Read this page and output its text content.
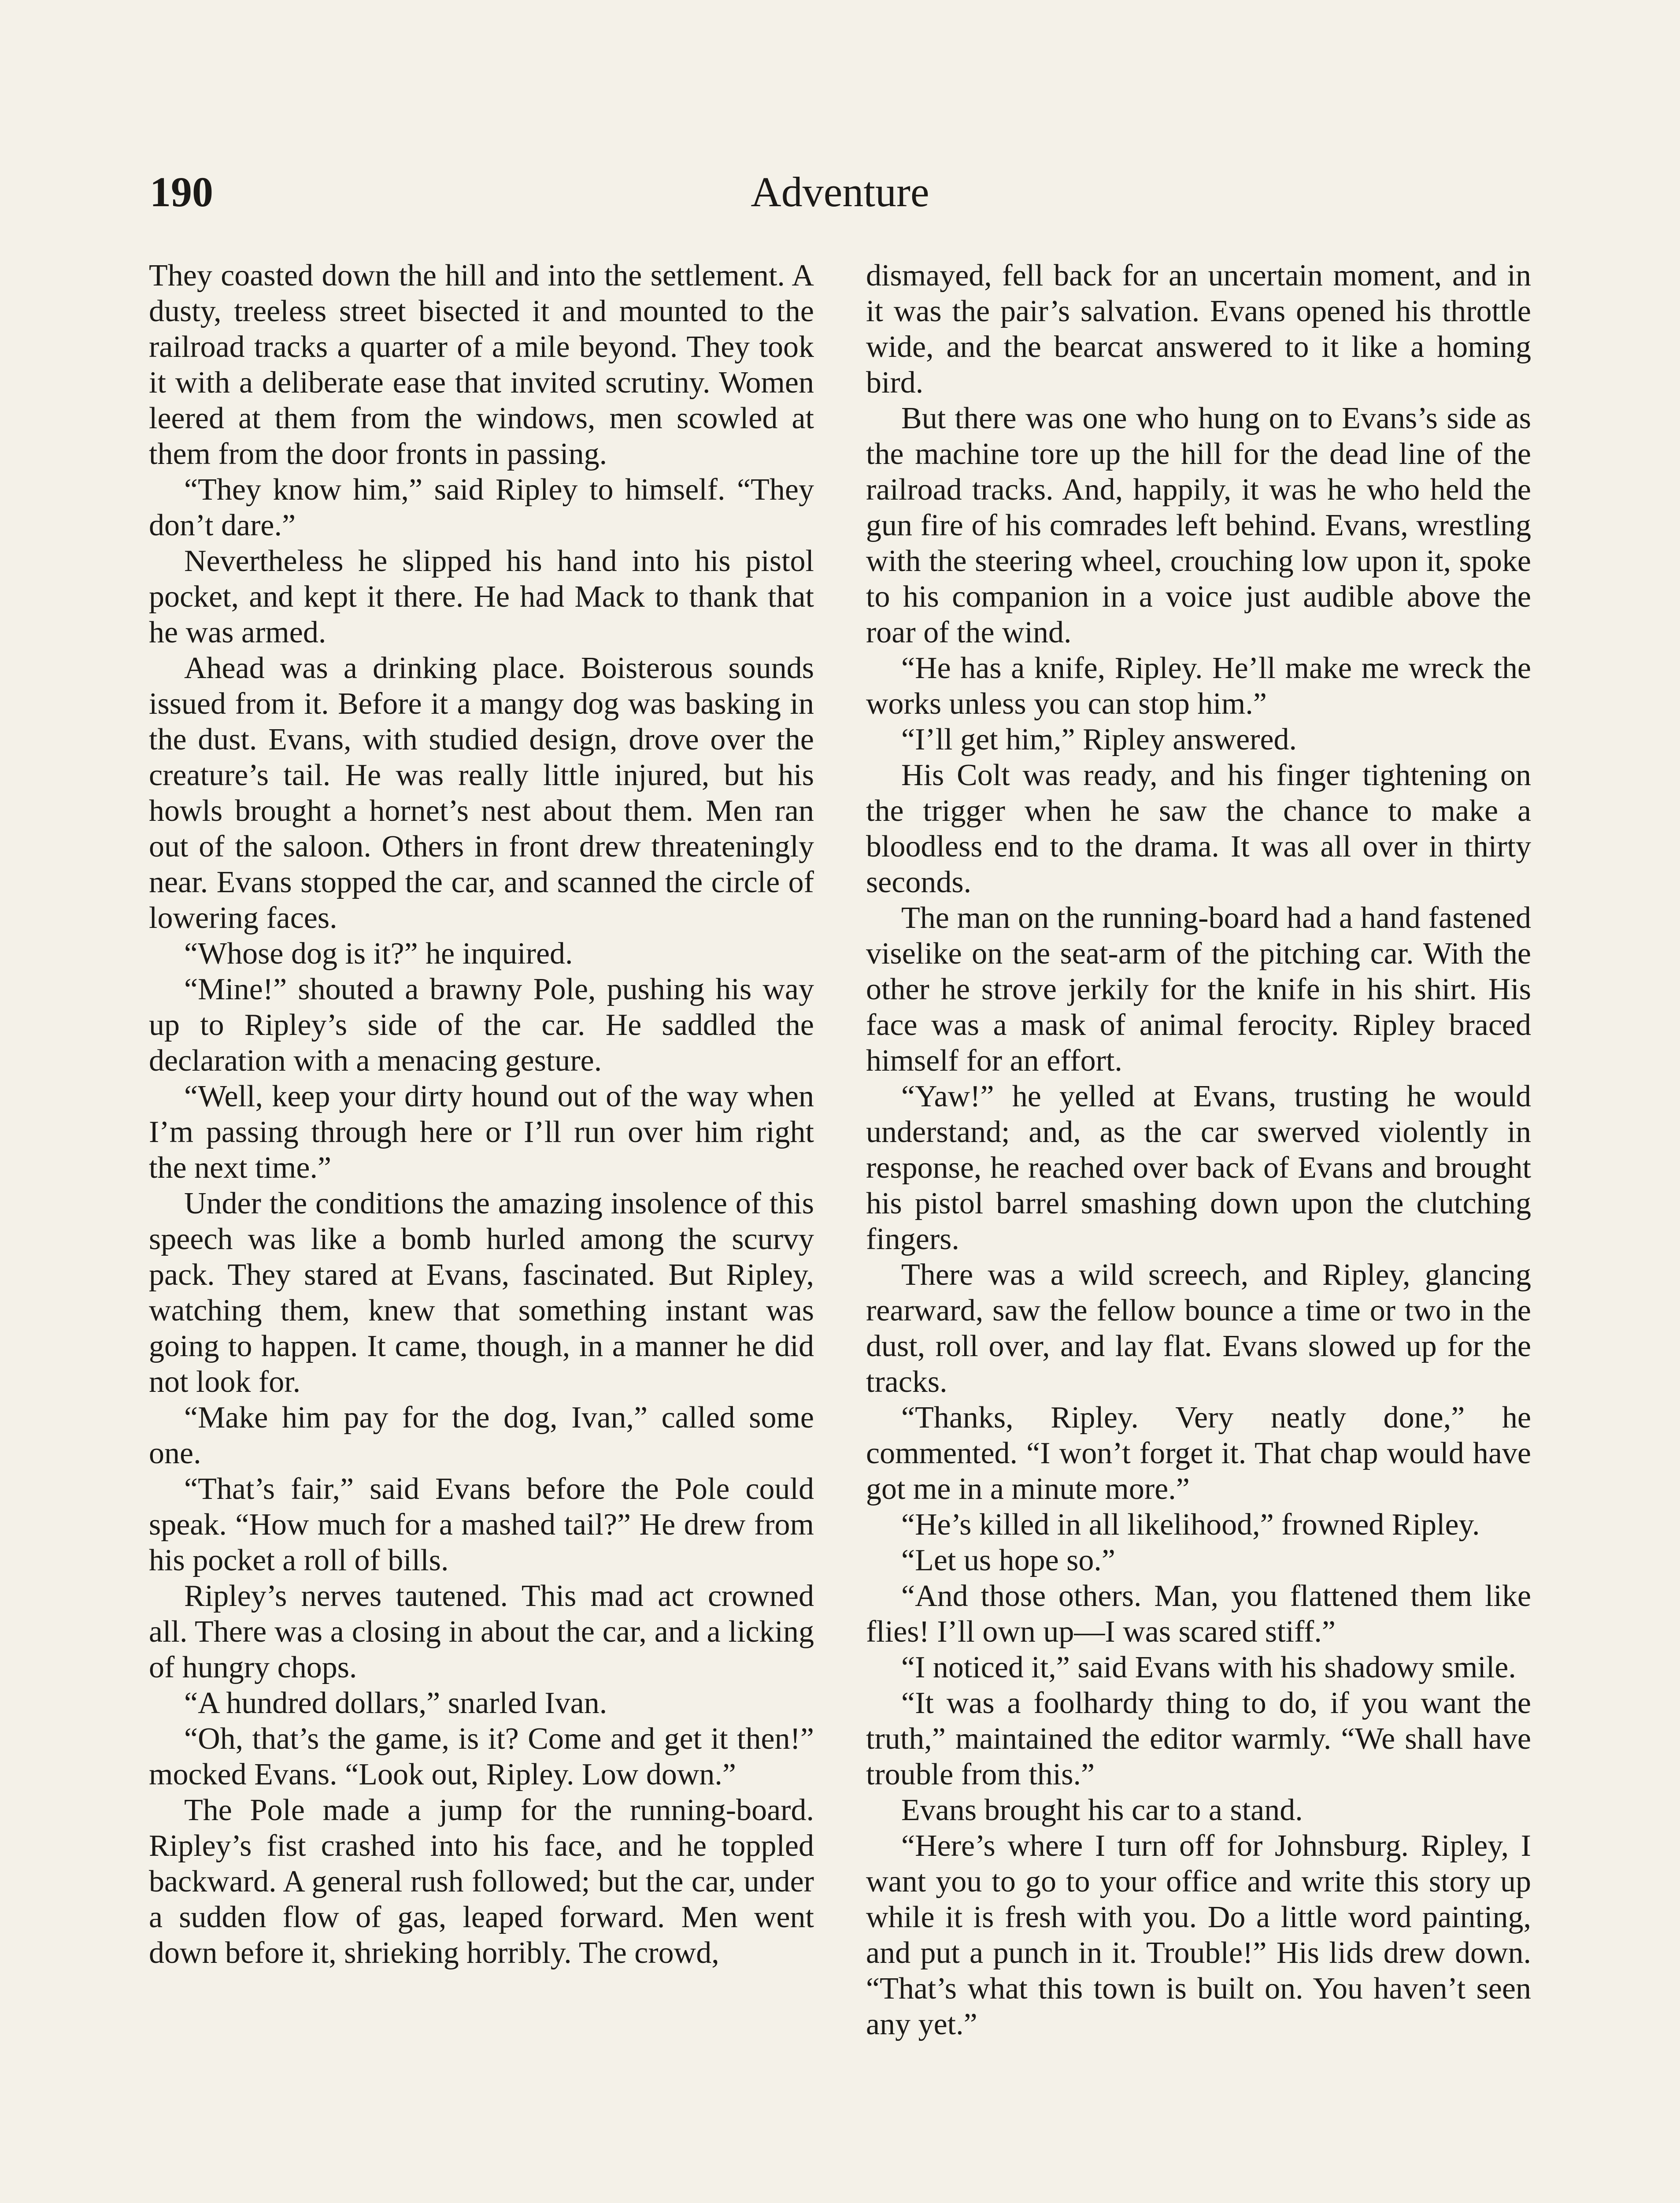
190	Adventure

They coasted down the hill and into the settlement. A dusty, treeless street bisected it and mounted to the railroad tracks a quarter of a mile beyond. They took it with a deliberate ease that invited scrutiny. Women leered at them from the windows, men scowled at them from the door fronts in passing.

“They know him,” said Ripley to himself. “They don’t dare.”

Nevertheless he slipped his hand into his pistol pocket, and kept it there. He had Mack to thank that he was armed.

Ahead was a drinking place. Boisterous sounds issued from it. Before it a mangy dog was basking in the dust. Evans, with studied design, drove over the creature’s tail. He was really little injured, but his howls brought a hornet’s nest about them. Men ran out of the saloon. Others in front drew threateningly near. Evans stopped the car, and scanned the circle of lowering faces.

“Whose dog is it?” he inquired.

“Mine!” shouted a brawny Pole, pushing his way up to Ripley’s side of the car. He saddled the declaration with a menacing gesture.

“Well, keep your dirty hound out of the way when I’m passing through here or I’ll run over him right the next time.”

Under the conditions the amazing insolence of this speech was like a bomb hurled among the scurvy pack. They stared at Evans, fascinated. But Ripley, watching them, knew that something instant was going to happen. It came, though, in a manner he did not look for.

“Make him pay for the dog, Ivan,” called some one.

“That’s fair,” said Evans before the Pole could speak. “How much for a mashed tail?” He drew from his pocket a roll of bills.

Ripley’s nerves tautened. This mad act crowned all. There was a closing in about the car, and a licking of hungry chops.

“A hundred dollars,” snarled Ivan.

“Oh, that’s the game, is it? Come and get it then!” mocked Evans. “Look out, Ripley. Low down.”

The Pole made a jump for the running-board. Ripley’s fist crashed into his face, and he toppled backward. A general rush followed; but the car, under a sudden flow of gas, leaped forward. Men went down before it, shrieking horribly. The crowd,

dismayed, fell back for an uncertain moment, and in it was the pair’s salvation. Evans opened his throttle wide, and the bearcat answered to it like a homing bird.

But there was one who hung on to Evans’s side as the machine tore up the hill for the dead line of the railroad tracks. And, happily, it was he who held the gun fire of his comrades left behind. Evans, wrestling with the steering wheel, crouching low upon it, spoke to his companion in a voice just audible above the roar of the wind.

“He has a knife, Ripley. He’ll make me wreck the works unless you can stop him.”

“I’ll get him,” Ripley answered.

His Colt was ready, and his finger tightening on the trigger when he saw the chance to make a bloodless end to the drama. It was all over in thirty seconds.

The man on the running-board had a hand fastened viselike on the seat-arm of the pitching car. With the other he strove jerkily for the knife in his shirt. His face was a mask of animal ferocity. Ripley braced himself for an effort.

“Yaw!” he yelled at Evans, trusting he would understand; and, as the car swerved violently in response, he reached over back of Evans and brought his pistol barrel smashing down upon the clutching fingers.

There was a wild screech, and Ripley, glancing rearward, saw the fellow bounce a time or two in the dust, roll over, and lay flat. Evans slowed up for the tracks.

“Thanks, Ripley. Very neatly done,” he commented. “I won’t forget it. That chap would have got me in a minute more.”

“He’s killed in all likelihood,” frowned Ripley.

“Let us hope so.”

“And those others. Man, you flattened them like flies! I’ll own up—I was scared stiff.”

“I noticed it,” said Evans with his shadowy smile.

“It was a foolhardy thing to do, if you want the truth,” maintained the editor warmly. “We shall have trouble from this.”

Evans brought his car to a stand.

“Here’s where I turn off for Johnsburg. Ripley, I want you to go to your office and write this story up while it is fresh with you. Do a little word painting, and put a punch in it. Trouble!” His lids drew down. “That’s what this town is built on. You haven’t seen any yet.”
